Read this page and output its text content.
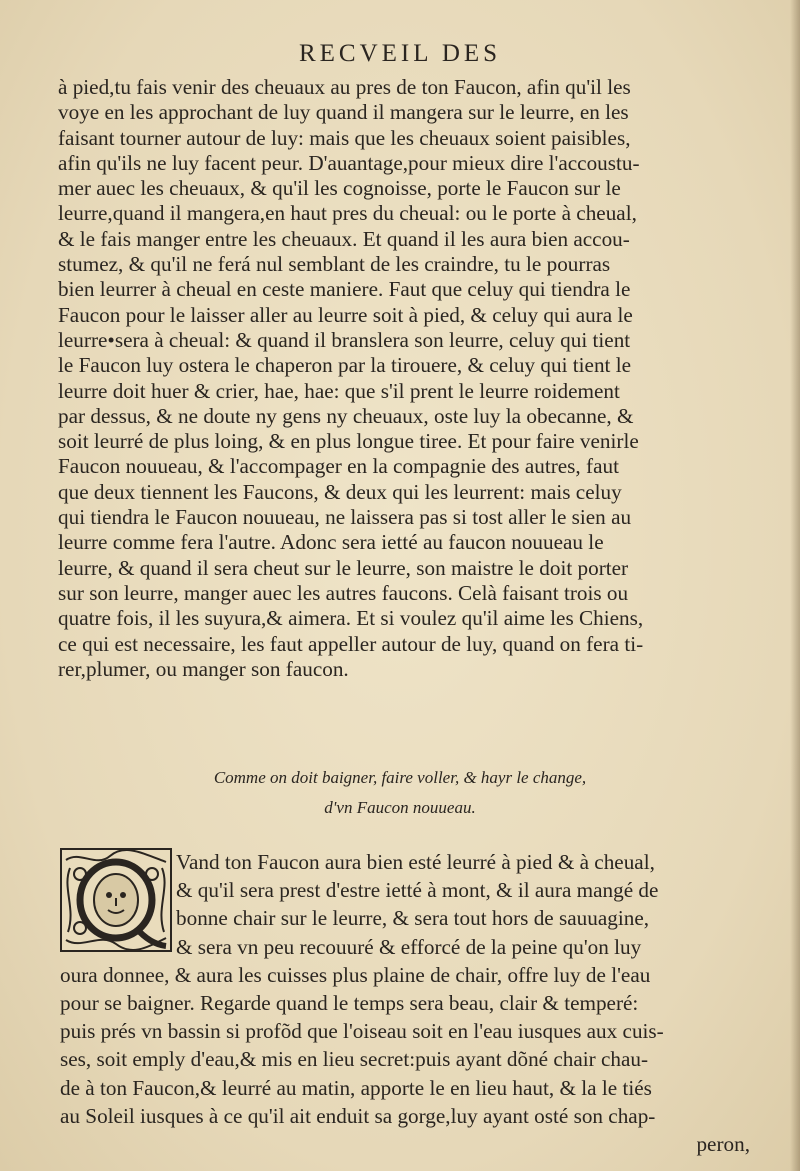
RECVEIL DES
à pied,tu fais venir des cheuaux au pres de ton Faucon, afin qu'il les
voye en les approchant de luy quand il mangera sur le leurre, en les
faisant tourner autour de luy: mais que les cheuaux soient paisibles,
afin qu'ils ne luy facent peur. D'auantage,pour mieux dire l'accoustu-
mer auec les cheuaux, & qu'il les cognoisse, porte le Faucon sur le
leurre,quand il mangera,en haut pres du cheual: ou le porte à cheual,
& le fais manger entre les cheuaux. Et quand il les aura bien accou-
stumez, & qu'il ne ferá nul semblant de les craindre, tu le pourras
bien leurrer à cheual en ceste maniere. Faut que celuy qui tiendra le
Faucon pour le laisser aller au leurre soit à pied, & celuy qui aura le
leurre•sera à cheual: & quand il branslera son leurre, celuy qui tient
le Faucon luy ostera le chaperon par la tirouere, & celuy qui tient le
leurre doit huer & crier, hae, hae: que s'il prent le leurre roidement
par dessus, & ne doute ny gens ny cheuaux, oste luy la obecanne, &
soit leurré de plus loing, & en plus longue tiree. Et pour faire venirle
Faucon nouueau, & l'accompager en la compagnie des autres, faut
que deux tiennent les Faucons, & deux qui les leurrent: mais celuy
qui tiendra le Faucon nouueau, ne laissera pas si tost aller le sien au
leurre comme fera l'autre. Adonc sera ietté au faucon nouueau le
leurre, & quand il sera cheut sur le leurre, son maistre le doit porter
sur son leurre, manger auec les autres faucons. Celà faisant trois ou
quatre fois, il les suyura,& aimera. Et si voulez qu'il aime les Chiens,
ce qui est necessaire, les faut appeller autour de luy, quand on fera ti-
rer,plumer, ou manger son faucon.
Comme on doit baigner, faire voller, & hayr le change,
d'vn Faucon nouueau.
Vand ton Faucon aura bien esté leurré à pied & à cheual,
& qu'il sera prest d'estre ietté à mont, & il aura mangé de
bonne chair sur le leurre, & sera tout hors de sauuagine,
& sera vn peu recouuré & efforcé de la peine qu'on luy
oura donnee, & aura les cuisses plus plaine de chair, offre luy de l'eau
pour se baigner. Regarde quand le temps sera beau, clair & temperé:
puis prés vn bassin si profõd que l'oiseau soit en l'eau iusques aux cuis-
ses, soit emply d'eau,& mis en lieu secret:puis ayant dõné chair chau-
de à ton Faucon,& leurré au matin, apporte le en lieu haut, & la le tiés
au Soleil iusques à ce qu'il ait enduit sa gorge,luy ayant osté son chap-
peron,
